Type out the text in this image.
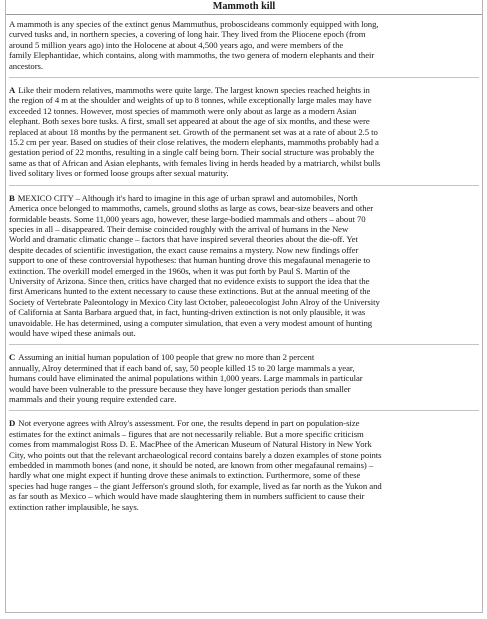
Mammoth kill
A mammoth is any species of the extinct genus Mammuthus, proboscideans commonly equipped with long,
curved tusks and, in northern species, a covering of long hair. They lived from the Pliocene epoch (from
around 5 million years ago) into the Holocene at about 4,500 years ago, and were members of the
family Elephantidae, which contains, along with mammoths, the two genera of modern elephants and their
ancestors.
A Like their modern relatives, mammoths were quite large. The largest known species reached heights in
the region of 4 m at the shoulder and weights of up to 8 tonnes, while exceptionally large males may have
exceeded 12 tonnes. However, most species of mammoth were only about as large as a modern Asian
elephant. Both sexes bore tusks. A first, small set appeared at about the age of six months, and these were
replaced at about 18 months by the permanent set. Growth of the permanent set was at a rate of about 2.5 to
15.2 cm per year. Based on studies of their close relatives, the modern elephants, mammoths probably had a
gestation period of 22 months, resulting in a single calf being born. Their social structure was probably the
same as that of African and Asian elephants, with females living in herds headed by a matriarch, whilst bulls
lived solitary lives or formed loose groups after sexual maturity.
B MEXICO CITY – Although it's hard to imagine in this age of urban sprawl and automobiles, North
America once belonged to mammoths, camels, ground sloths as large as cows, bear-size beavers and other
formidable beasts. Some 11,000 years ago, however, these large-bodied mammals and others – about 70
species in all – disappeared. Their demise coincided roughly with the arrival of humans in the New
World and dramatic climatic change – factors that have inspired several theories about the die-off. Yet
despite decades of scientific investigation, the exact cause remains a mystery. Now new findings offer
support to one of these controversial hypotheses: that human hunting drove this megafaunal menagerie to
extinction. The overkill model emerged in the 1960s, when it was put forth by Paul S. Martin of the
University of Arizona. Since then, critics have charged that no evidence exists to support the idea that the
first Americans hunted to the extent necessary to cause these extinctions. But at the annual meeting of the
Society of Vertebrate Paleontology in Mexico City last October, paleoecologist John Alroy of the University
of California at Santa Barbara argued that, in fact, hunting-driven extinction is not only plausible, it was
unavoidable. He has determined, using a computer simulation, that even a very modest amount of hunting
would have wiped these animals out.
C Assuming an initial human population of 100 people that grew no more than 2 percent
annually, Alroy determined that if each band of, say, 50 people killed 15 to 20 large mammals a year,
humans could have eliminated the animal populations within 1,000 years. Large mammals in particular
would have been vulnerable to the pressure because they have longer gestation periods than smaller
mammals and their young require extended care.
D Not everyone agrees with Alroy's assessment. For one, the results depend in part on population-size
estimates for the extinct animals – figures that are not necessarily reliable. But a more specific criticism
comes from mammalogist Ross D. E. MacPhee of the American Museum of Natural History in New York
City, who points out that the relevant archaeological record contains barely a dozen examples of stone points
embedded in mammoth bones (and none, it should be noted, are known from other megafaunal remains) –
hardly what one might expect if hunting drove these animals to extinction. Furthermore, some of these
species had huge ranges – the giant Jefferson's ground sloth, for example, lived as far north as the Yukon and
as far south as Mexico – which would have made slaughtering them in numbers sufficient to cause their
extinction rather implausible, he says.
